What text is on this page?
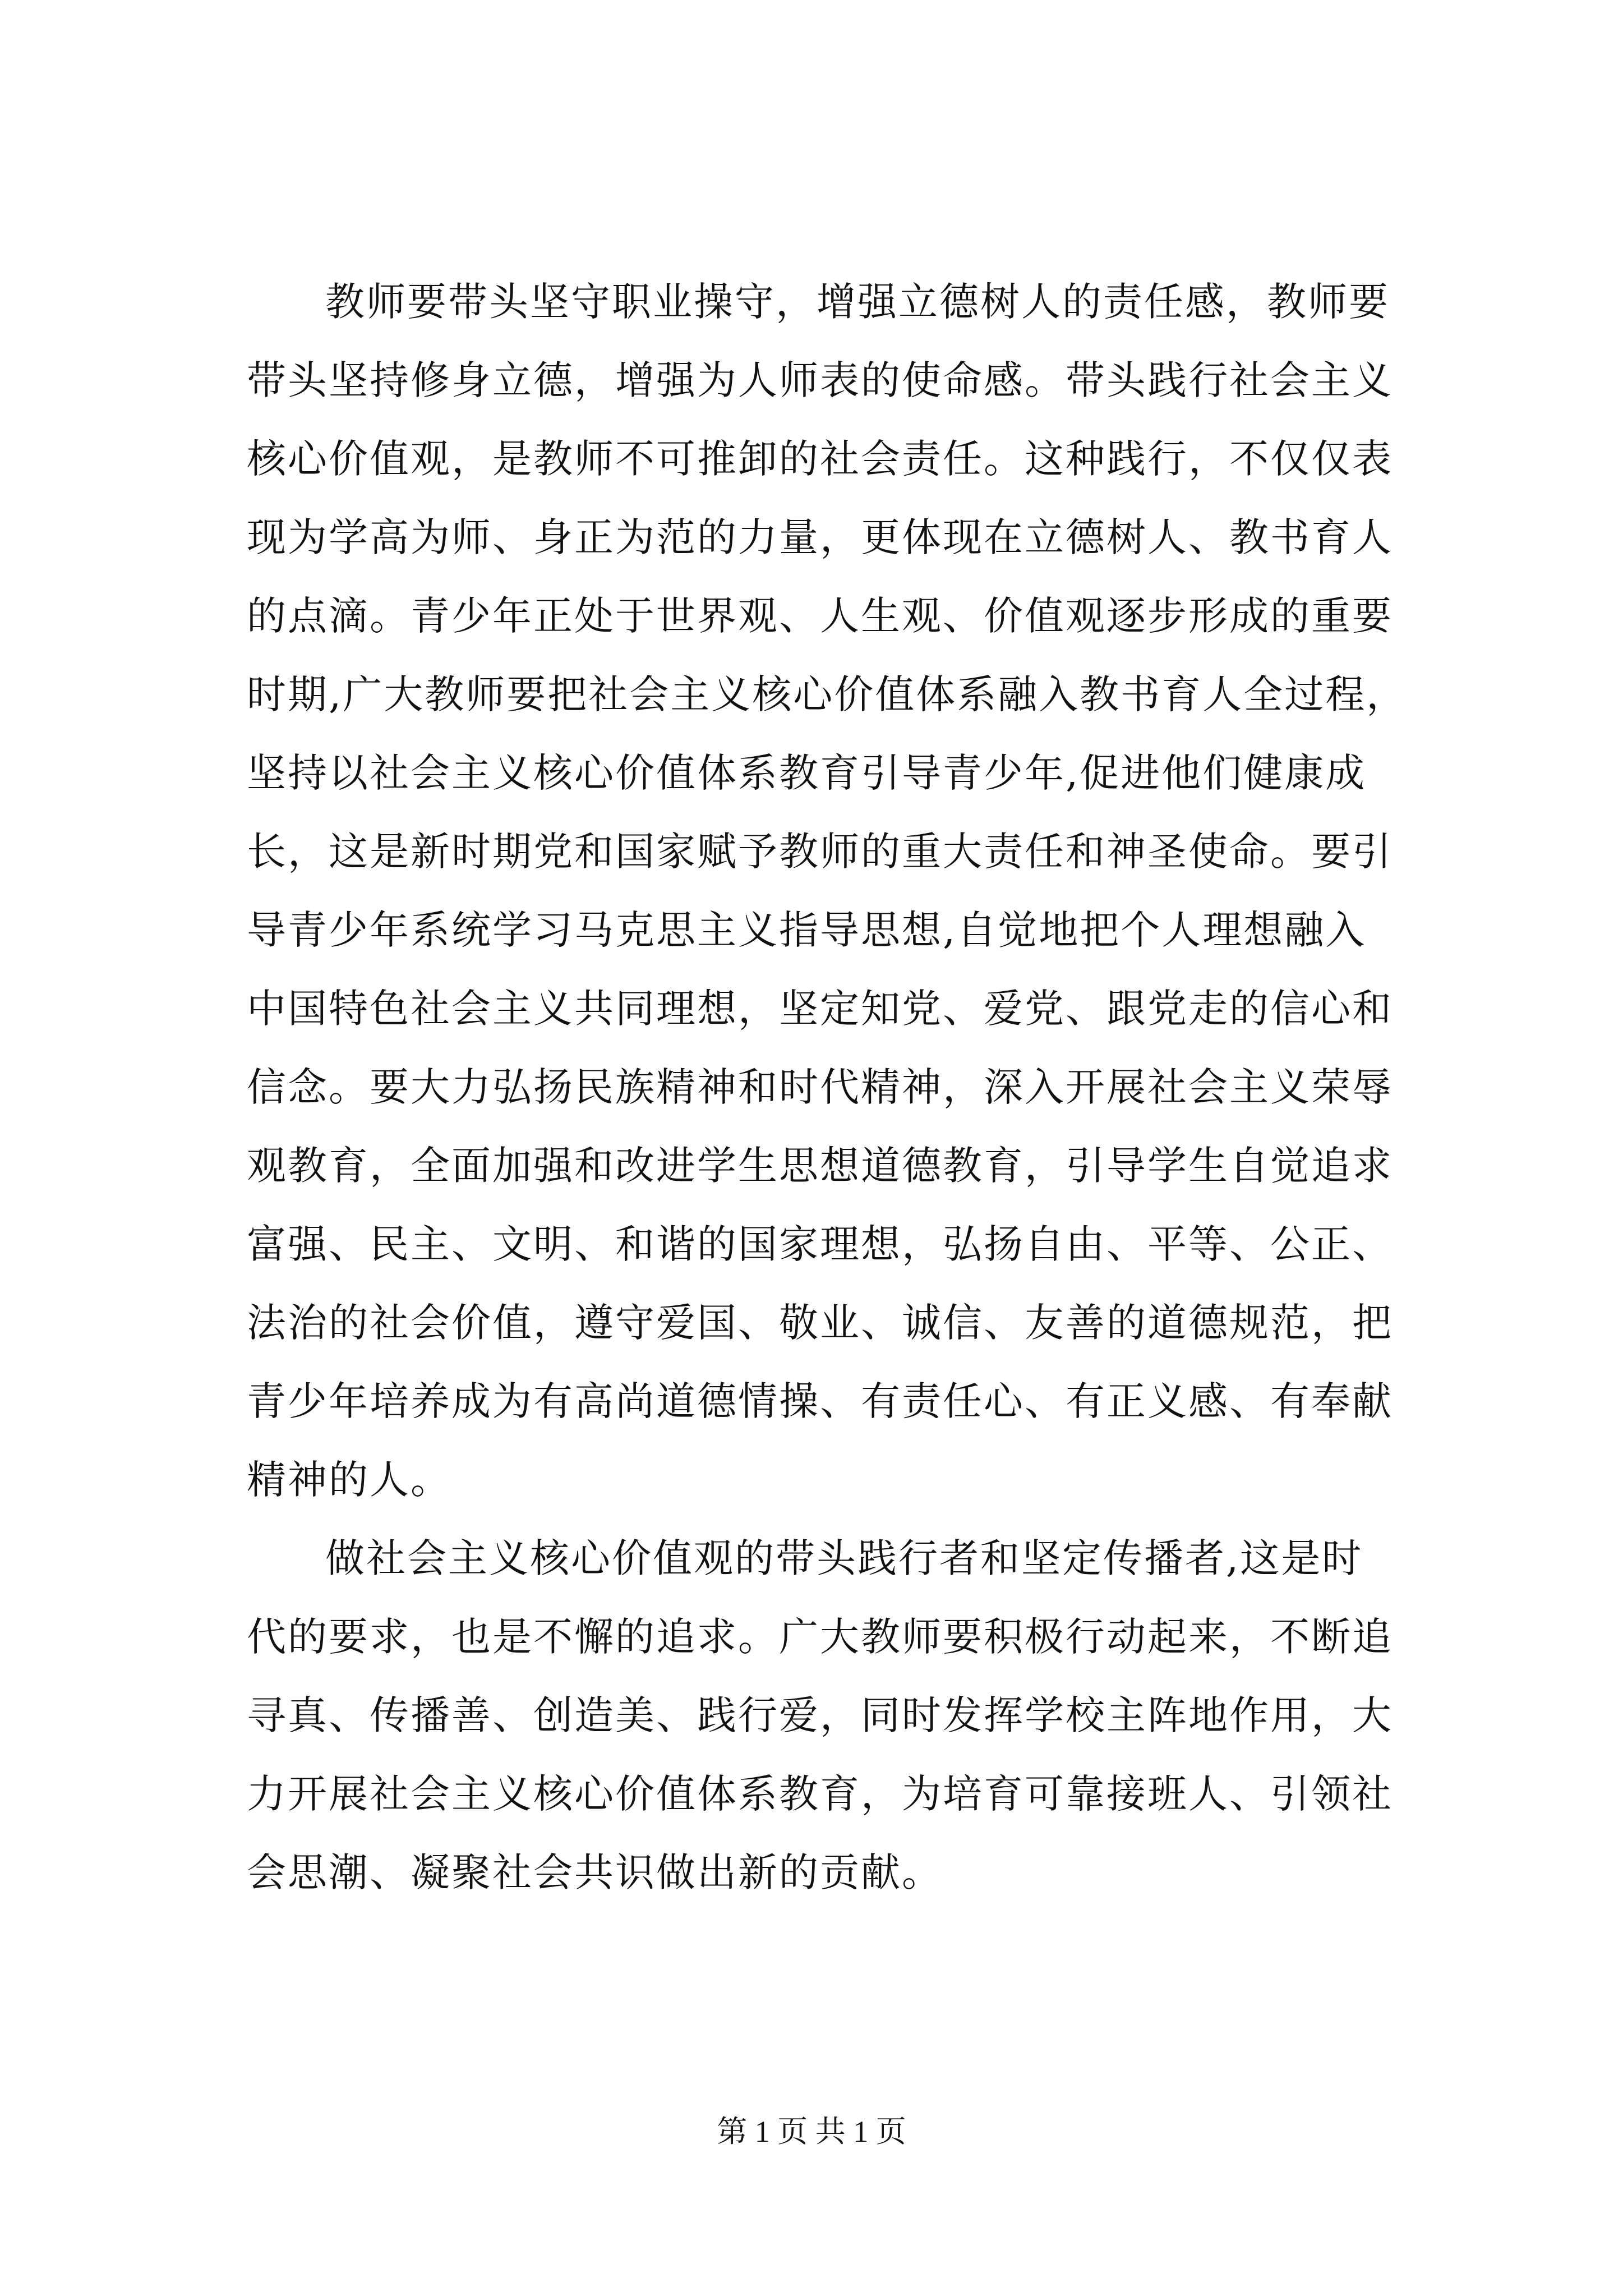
教师要带头坚守职业操守，增强立德树人的责任感，教师要
带头坚持修身立德，增强为人师表的使命感。带头践行社会主义
核心价值观，是教师不可推卸的社会责任。这种践行，不仅仅表
现为学高为师、身正为范的力量，更体现在立德树人、教书育人
的点滴。青少年正处于世界观、人生观、价值观逐步形成的重要
时期,广大教师要把社会主义核心价值体系融入教书育人全过程，
坚持以社会主义核心价值体系教育引导青少年,促进他们健康成
长，这是新时期党和国家赋予教师的重大责任和神圣使命。要引
导青少年系统学习马克思主义指导思想,自觉地把个人理想融入
中国特色社会主义共同理想，坚定知党、爱党、跟党走的信心和
信念。要大力弘扬民族精神和时代精神，深入开展社会主义荣辱
观教育，全面加强和改进学生思想道德教育，引导学生自觉追求
富强、民主、文明、和谐的国家理想，弘扬自由、平等、公正、
法治的社会价值，遵守爱国、敬业、诚信、友善的道德规范，把
青少年培养成为有高尚道德情操、有责任心、有正义感、有奉献
精神的人。
做社会主义核心价值观的带头践行者和坚定传播者,这是时
代的要求，也是不懈的追求。广大教师要积极行动起来，不断追
寻真、传播善、创造美、践行爱，同时发挥学校主阵地作用，大
力开展社会主义核心价值体系教育，为培育可靠接班人、引领社
会思潮、凝聚社会共识做出新的贡献。
第 1 页 共 1 页
